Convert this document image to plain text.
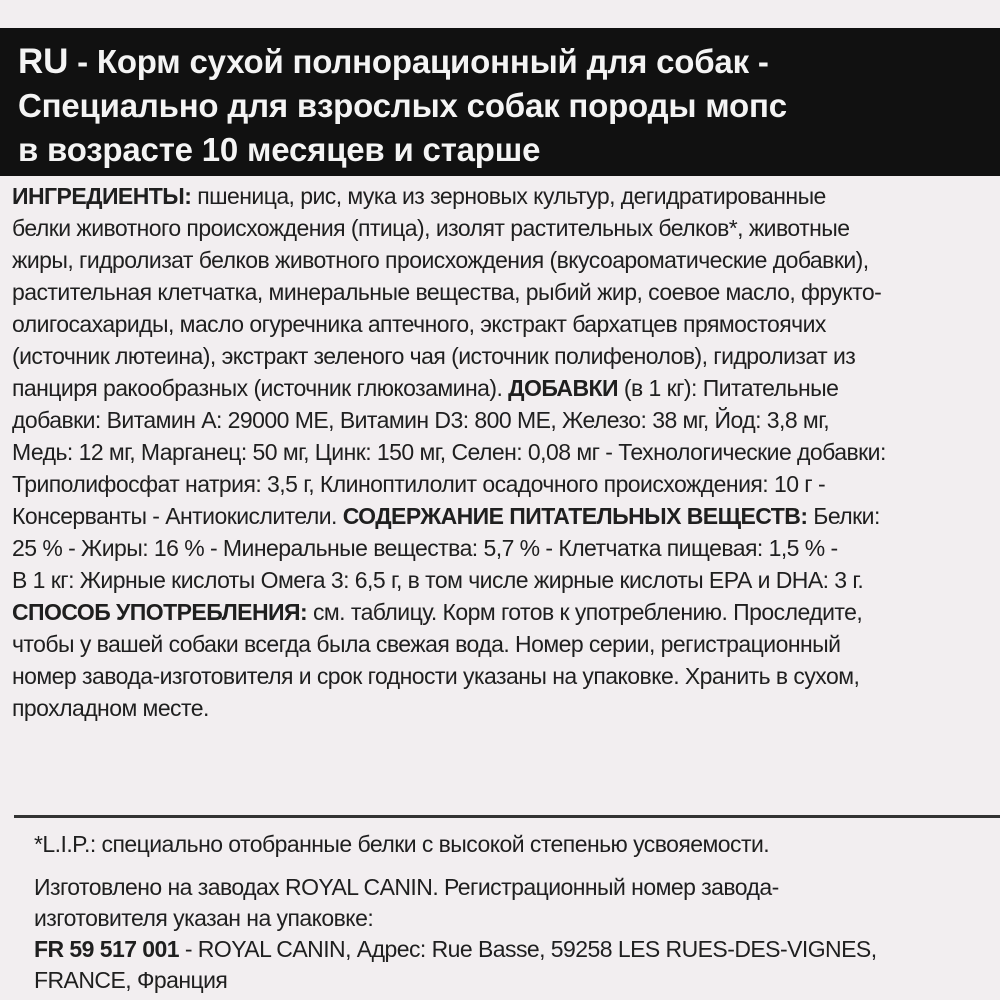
RU - Корм сухой полнорационный для собак -
Специально для взрослых собак породы мопс
в возрасте 10 месяцев и старше
ИНГРЕДИЕНТЫ: пшеница, рис, мука из зерновых культур, дегидратированные
белки животного происхождения (птица), изолят растительных белков*, животные
жиры, гидролизат белков животного происхождения (вкусоароматические добавки),
растительная клетчатка, минеральные вещества, рыбий жир, соевое масло, фрукто-
олигосахариды, масло огуречника аптечного, экстракт бархатцев прямостоячих
(источник лютеина), экстракт зеленого чая (источник полифенолов), гидролизат из
панциря ракообразных (источник глюкозамина). ДОБАВКИ (в 1 кг): Питательные
добавки: Витамин А: 29000 МЕ, Витамин D3: 800 МЕ, Железо: 38 мг, Йод: 3,8 мг,
Медь: 12 мг, Марганец: 50 мг, Цинк: 150 мг, Селен: 0,08 мг - Технологические добавки:
Триполифосфат натрия: 3,5 г, Клиноптилолит осадочного происхождения: 10 г -
Консерванты - Антиокислители. СОДЕРЖАНИЕ ПИТАТЕЛЬНЫХ ВЕЩЕСТВ: Белки:
25 % - Жиры: 16 % - Минеральные вещества: 5,7 % - Клетчатка пищевая: 1,5 % -
В 1 кг: Жирные кислоты Омега 3: 6,5 г, в том числе жирные кислоты ЕРА и DHA: 3 г.
СПОСОБ УПОТРЕБЛЕНИЯ: см. таблицу. Корм готов к употреблению. Проследите,
чтобы у вашей собаки всегда была свежая вода. Номер серии, регистрационный
номер завода-изготовителя и срок годности указаны на упаковке. Хранить в сухом,
прохладном месте.
*L.I.P.: специально отобранные белки с высокой степенью усвояемости.
Изготовлено на заводах ROYAL CANIN. Регистрационный номер завода-
изготовителя указан на упаковке:
FR 59 517 001 - ROYAL CANIN, Адрес: Rue Basse, 59258 LES RUES-DES-VIGNES,
FRANCE, Франция
